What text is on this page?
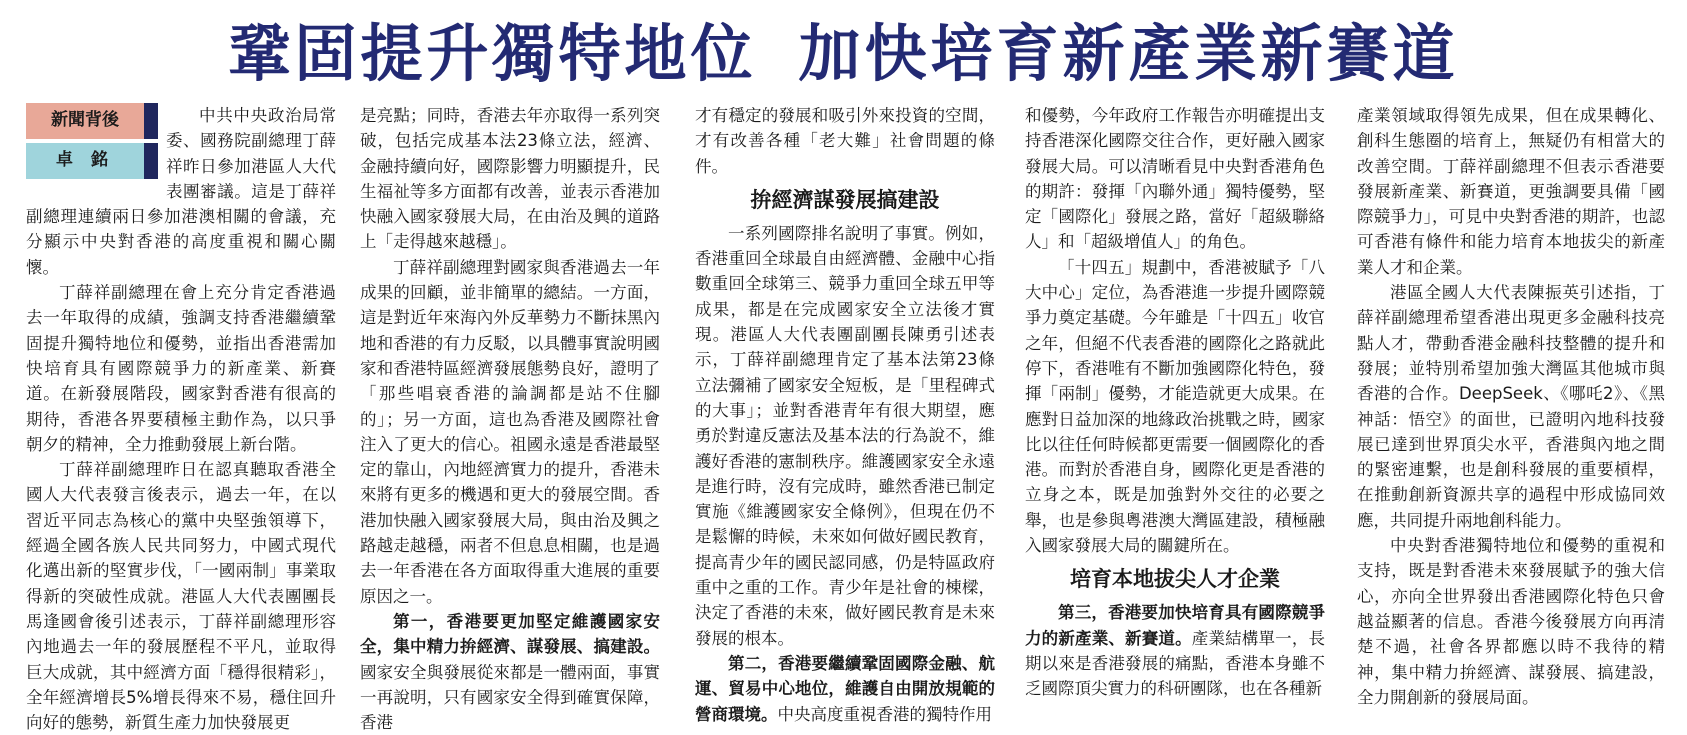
鞏固提升獨特地位 加快培育新產業新賽道
新聞背後
卓 銘

中共中央政治局常委、國務院副總理丁薛祥昨日參加港區人大代表團審議。這是丁薛祥副總理連續兩日參加港澳相關的會議，充分顯示中央對香港的高度重視和關心關懷。

丁薛祥副總理在會上充分肯定香港過去一年取得的成績，強調支持香港繼續鞏固提升獨特地位和優勢，並指出香港需加快培育具有國際競爭力的新產業、新賽道。在新發展階段，國家對香港有很高的期待，香港各界要積極主動作為，以只爭朝夕的精神，全力推動發展上新台階。

丁薛祥副總理昨日在認真聽取香港全國人大代表發言後表示，過去一年，在以習近平同志為核心的黨中央堅強領導下，經過全國各族人民共同努力，中國式現代化邁出新的堅實步伐，「一國兩制」事業取得新的突破性成就。港區人大代表團團長馬逢國會後引述表示，丁薛祥副總理形容內地過去一年的發展歷程不平凡，並取得巨大成就，其中經濟方面「穩得很精彩」，全年經濟增長5%增長得來不易，穩住回升向好的態勢，新質生產力加快發展更

是亮點；同時，香港去年亦取得一系列突破，包括完成基本法23條立法，經濟、金融持續向好，國際影響力明顯提升，民生福祉等多方面都有改善，並表示香港加快融入國家發展大局，在由治及興的道路上「走得越來越穩」。

丁薛祥副總理對國家與香港過去一年成果的回顧，並非簡單的總結。一方面，這是對近年來海內外反華勢力不斷抹黑內地和香港的有力反駁，以具體事實說明國家和香港特區經濟發展態勢良好，證明了「那些唱衰香港的論調都是站不住腳的」；另一方面，這也為香港及國際社會注入了更大的信心。祖國永遠是香港最堅定的靠山，內地經濟實力的提升，香港未來將有更多的機遇和更大的發展空間。香港加快融入國家發展大局，與由治及興之路越走越穩，兩者不但息息相關，也是過去一年香港在各方面取得重大進展的重要原因之一。

第一，香港要更加堅定維護國家安全，集中精力拚經濟、謀發展、搞建設。國家安全與發展從來都是一體兩面，事實一再說明，只有國家安全得到確實保障，香港

才有穩定的發展和吸引外來投資的空間，才有改善各種「老大難」社會問題的條件。

拚經濟謀發展搞建設

一系列國際排名說明了事實。例如，香港重回全球最自由經濟體、金融中心指數重回全球第三、競爭力重回全球五甲等成果，都是在完成國家安全立法後才實現。港區人大代表團副團長陳勇引述表示，丁薛祥副總理肯定了基本法第23條立法彌補了國家安全短板，是「里程碑式的大事」；並對香港青年有很大期望，應勇於對違反憲法及基本法的行為說不，維護好香港的憲制秩序。維護國家安全永遠是進行時，沒有完成時，雖然香港已制定實施《維護國家安全條例》，但現在仍不是鬆懈的時候，未來如何做好國民教育，提高青少年的國民認同感，仍是特區政府重中之重的工作。青少年是社會的棟樑，決定了香港的未來，做好國民教育是未來發展的根本。

第二，香港要繼續鞏固國際金融、航運、貿易中心地位，維護自由開放規範的營商環境。中央高度重視香港的獨特作用

和優勢，今年政府工作報告亦明確提出支持香港深化國際交往合作，更好融入國家發展大局。可以清晰看見中央對香港角色的期許：發揮「內聯外通」獨特優勢，堅定「國際化」發展之路，當好「超級聯絡人」和「超級增值人」的角色。

「十四五」規劃中，香港被賦予「八大中心」定位，為香港進一步提升國際競爭力奠定基礎。今年雖是「十四五」收官之年，但絕不代表香港的國際化之路就此停下，香港唯有不斷加強國際化特色，發揮「兩制」優勢，才能造就更大成果。在應對日益加深的地緣政治挑戰之時，國家比以往任何時候都更需要一個國際化的香港。而對於香港自身，國際化更是香港的立身之本，既是加強對外交往的必要之舉，也是參與粵港澳大灣區建設，積極融入國家發展大局的關鍵所在。

培育本地拔尖人才企業

第三，香港要加快培育具有國際競爭力的新產業、新賽道。產業結構單一，長期以來是香港發展的痛點，香港本身雖不乏國際頂尖實力的科研團隊，也在各種新

產業領域取得領先成果，但在成果轉化、創科生態圈的培育上，無疑仍有相當大的改善空間。丁薛祥副總理不但表示香港要發展新產業、新賽道，更強調要具備「國際競爭力」，可見中央對香港的期許，也認可香港有條件和能力培育本地拔尖的新產業人才和企業。

港區全國人大代表陳振英引述指，丁薛祥副總理希望香港出現更多金融科技亮點人才，帶動香港金融科技整體的提升和發展；並特別希望加強大灣區其他城市與香港的合作。DeepSeek、《哪吒2》、《黑神話：悟空》的面世，已證明內地科技發展已達到世界頂尖水平，香港與內地之間的緊密連繫，也是創科發展的重要槓桿，在推動創新資源共享的過程中形成協同效應，共同提升兩地創科能力。

中央對香港獨特地位和優勢的重視和支持，既是對香港未來發展賦予的強大信心，亦向全世界發出香港國際化特色只會越益顯著的信息。香港今後發展方向再清楚不過，社會各界都應以時不我待的精神，集中精力拚經濟、謀發展、搞建設，全力開創新的發展局面。
